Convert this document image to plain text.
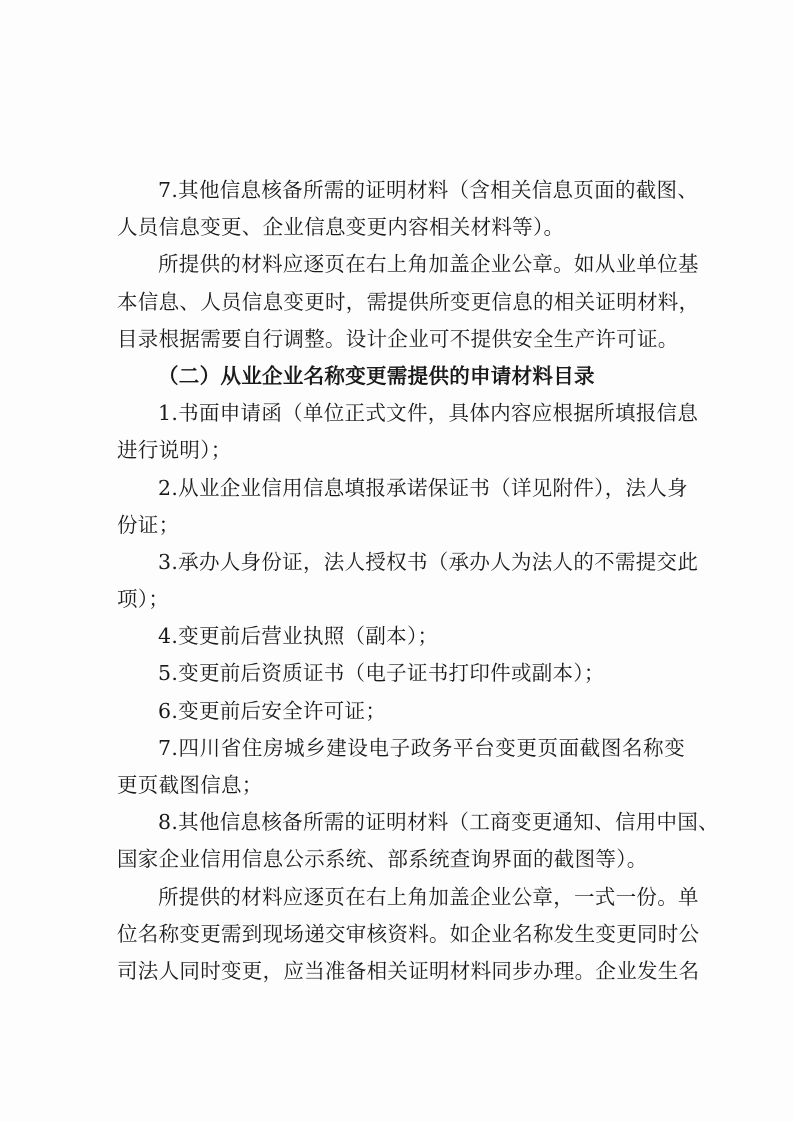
7.其他信息核备所需的证明材料（含相关信息页面的截图、
人员信息变更、企业信息变更内容相关材料等）。
所提供的材料应逐页在右上角加盖企业公章。如从业单位基
本信息、人员信息变更时，需提供所变更信息的相关证明材料，
目录根据需要自行调整。设计企业可不提供安全生产许可证。
（二）从业企业名称变更需提供的申请材料目录
1.书面申请函（单位正式文件，具体内容应根据所填报信息
进行说明）；
2.从业企业信用信息填报承诺保证书（详见附件），法人身
份证；
3.承办人身份证，法人授权书（承办人为法人的不需提交此
项）；
4.变更前后营业执照（副本）；
5.变更前后资质证书（电子证书打印件或副本）；
6.变更前后安全许可证；
7.四川省住房城乡建设电子政务平台变更页面截图名称变
更页截图信息；
8.其他信息核备所需的证明材料（工商变更通知、信用中国、
国家企业信用信息公示系统、部系统查询界面的截图等）。
所提供的材料应逐页在右上角加盖企业公章，一式一份。单
位名称变更需到现场递交审核资料。如企业名称发生变更同时公
司法人同时变更，应当准备相关证明材料同步办理。企业发生名
